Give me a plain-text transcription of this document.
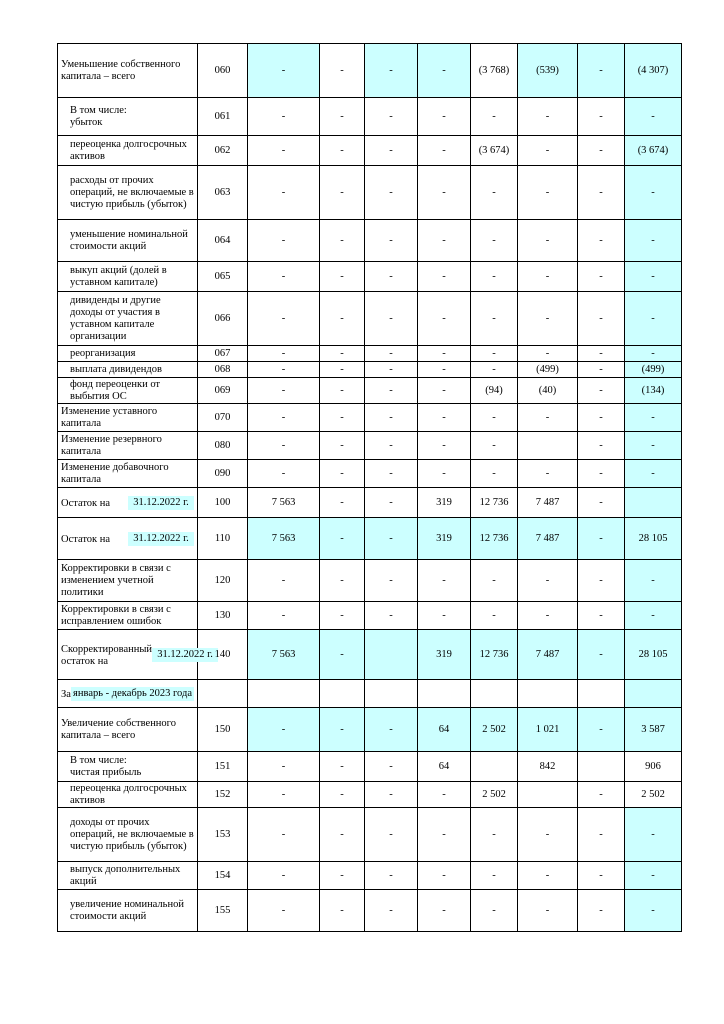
Уменьшение собственного капитала – всего	060	-	-	-	-	(3 768)	(539)	-	(4 307)
В том числе:
убыток	061	-	-	-	-	-	-	-	-
переоценка долгосрочных активов	062	-	-	-	-	(3 674)	-	-	(3 674)
расходы от прочих операций, не включаемые в чистую прибыль (убыток)	063	-	-	-	-	-	-	-	-
уменьшение номинальной стоимости акций	064	-	-	-	-	-	-	-	-
выкуп акций (долей в уставном капитале)	065	-	-	-	-	-	-	-	-
дивиденды и другие доходы от участия в уставном капитале организации	066	-	-	-	-	-	-	-	-
реорганизация	067	-	-	-	-	-	-	-	-
выплата дивидендов	068	-	-	-	-	-	(499)	-	(499)
фонд переоценки от выбытия ОС	069	-	-	-	-	(94)	(40)	-	(134)
Изменение уставного капитала	070	-	-	-	-	-	-	-	-
Изменение резервного капитала	080	-	-	-	-	-		-	-
Изменение добавочного капитала	090	-	-	-	-	-	-	-	-

Остаток на 31.12.2022 г.	100	7 563	-	-	319	12 736	7 487	-	

Остаток на 31.12.2022 г.	110	7 563	-	-	319	12 736	7 487	-	28 105
Корректировки в связи с изменением учетной политики	120	-	-	-	-	-	-	-	-
Корректировки в связи с исправлением ошибок	130	-	-	-	-	-	-	-	-

Скорректированный остаток на
31.12.2022 г.	140	7 563	-		319	12 736	7 487	-	28 105

За январь - декабрь 2023 года									

Увеличение собственного капитала – всего	150	-	-	-	64	2 502	1 021	-	3 587
В том числе:
чистая прибыль	151	-	-	-	64		842		906
переоценка долгосрочных активов	152	-	-	-	-	2 502		-	2 502
доходы от прочих операций, не включаемые в чистую прибыль (убыток)	153	-	-	-	-	-	-	-	-
выпуск дополнительных акций	154	-	-	-	-	-	-	-	-
увеличение номинальной стоимости акций	155	-	-	-	-	-	-	-	-
